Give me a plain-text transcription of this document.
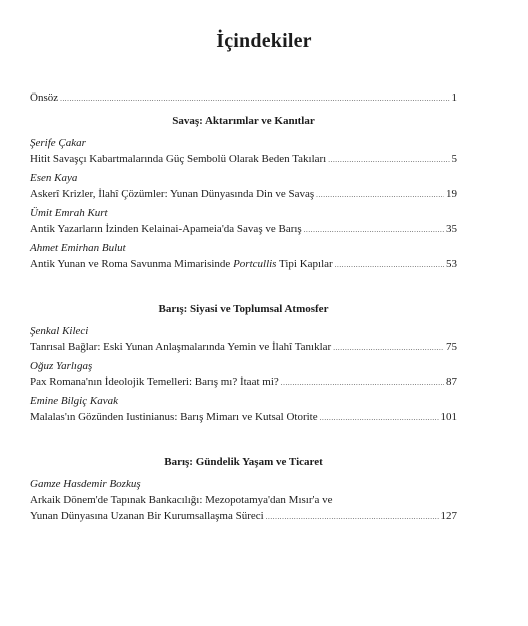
İçindekiler
Önsöz .....	1
Savaş: Aktarımlar ve Kanıtlar
Şerife Çakar
Hitit Savaşçı Kabartmalarında Güç Sembolü Olarak Beden Takıları .....	5
Esen Kaya
Askerî Krizler, İlahî Çözümler: Yunan Dünyasında Din ve Savaş .....	19
Ümit Emrah Kurt
Antik Yazarların İzinden Kelainai-Apameia'da Savaş ve Barış .....	35
Ahmet Emirhan Bulut
Antik Yunan ve Roma Savunma Mimarisinde Portcullis Tipi Kapılar .....	53
Barış: Siyasi ve Toplumsal Atmosfer
Şenkal Kileci
Tanrısal Bağlar: Eski Yunan Anlaşmalarında Yemin ve İlahî Tanıklar .....	75
Oğuz Yarlıgaş
Pax Romana'nın İdeolojik Temelleri: Barış mı? İtaat mi? .....	87
Emine Bilgiç Kavak
Malalas'ın Gözünden Iustinianus: Barış Mimarı ve Kutsal Otorite .....	101
Barış: Gündelik Yaşam ve Ticaret
Gamze Hasdemir Bozkuş
Arkaik Dönem'de Tapınak Bankacılığı: Mezopotamya'dan Mısır'a ve
Yunan Dünyasına Uzanan Bir Kurumsallaşma Süreci .....	127
